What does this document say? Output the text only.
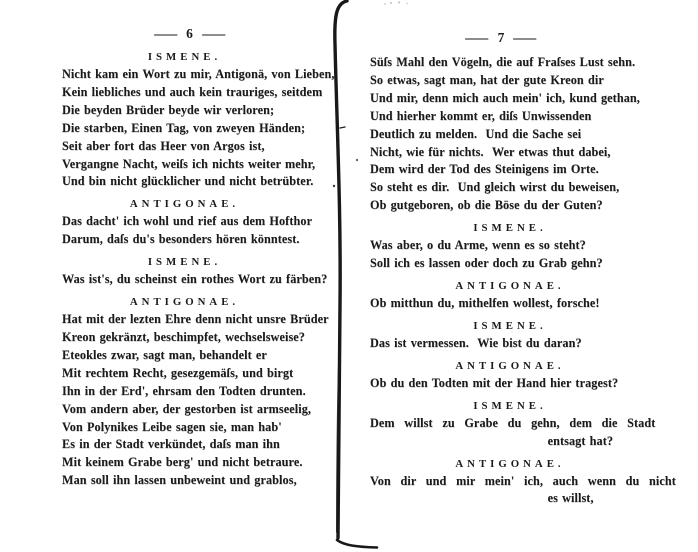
— 6 —
ISMENE.
Nicht kam ein Wort zu mir, Antigonä, von Lieben,
Kein liebliches und auch kein trauriges, seitdem
Die beyden Brüder beyde wir verloren;
Die starben, Einen Tag, von zweyen Händen;
Seit aber fort das Heer von Argos ist,
Vergangne Nacht, weiſs ich nichts weiter mehr,
Und bin nicht glücklicher und nicht betrübter.
ANTIGONAE.
Das dacht' ich wohl und rief aus dem Hofthor
Darum, daſs du's besonders hören könntest.
ISMENE.
Was ist's, du scheinst ein rothes Wort zu färben?
ANTIGONAE.
Hat mit der lezten Ehre denn nicht unsre Brüder
Kreon gekränzt, beschimpfet, wechselsweise?
Eteokles zwar, sagt man, behandelt er
Mit rechtem Recht, gesezgemäſs, und birgt
Ihn in der Erd', ehrsam den Todten drunten.
Vom andern aber, der gestorben ist armseelig,
Von Polynikes Leibe sagen sie, man hab'
Es in der Stadt verkündet, daſs man ihn
Mit keinem Grabe berg' und nicht betraure.
Man soll ihn lassen unbeweint und grablos,
— 7 —
Süſs Mahl den Vögeln, die auf Fraſses Lust sehn.
So etwas, sagt man, hat der gute Kreon dir
Und mir, denn mich auch mein' ich, kund gethan,
Und hierher kommt er, diſs Unwissenden
Deutlich zu melden.  Und die Sache sei
Nicht, wie für nichts.  Wer etwas thut dabei,
Dem wird der Tod des Steinigens im Orte.
So steht es dir.  Und gleich wirst du beweisen,
Ob gutgeboren, ob die Böse du der Guten?
ISMENE.
Was aber, o du Arme, wenn es so steht?
Soll ich es lassen oder doch zu Grab gehn?
ANTIGONAE.
Ob mitthun du, mithelfen wollest, forsche!
ISMENE.
Das ist vermessen.  Wie bist du daran?
ANTIGONAE.
Ob du den Todten mit der Hand hier tragest?
ISMENE.
Dem willst zu Grabe du gehn, dem die Stadt
entsagt hat?
ANTIGONAE.
Von dir und mir mein' ich, auch wenn du nicht
es willst,
